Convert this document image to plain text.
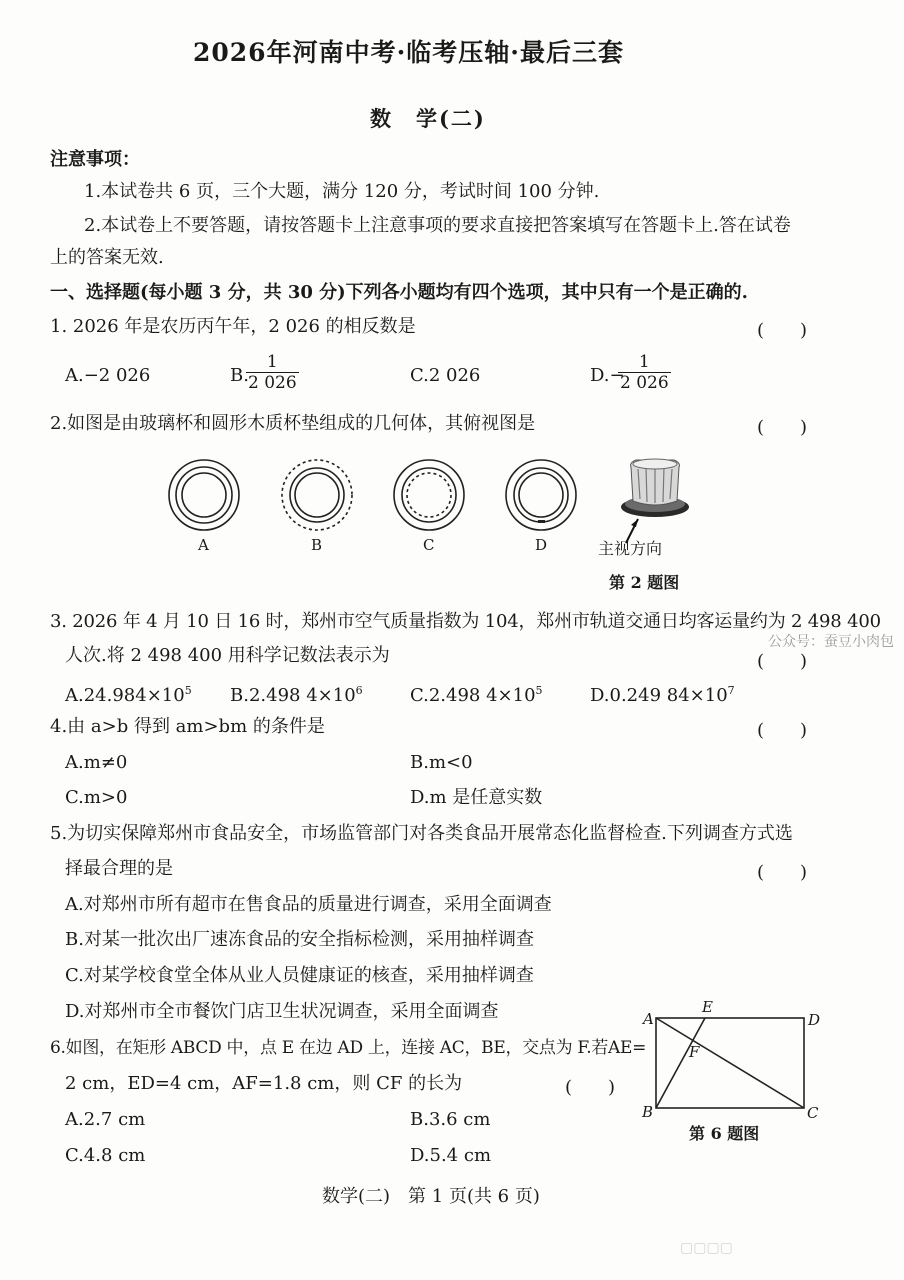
2026年河南中考·临考压轴·最后三套
数　学(二)
注意事项：
1.本试卷共 6 页，三个大题，满分 120 分，考试时间 100 分钟.
2.本试卷上不要答题，请按答题卡上注意事项的要求直接把答案填写在答题卡上.答在试卷
上的答案无效.
一、选择题(每小题 3 分，共 30 分)下列各小题均有四个选项，其中只有一个是正确的.
1. 2026 年是农历丙午年，2 026 的相反数是	(　　)
A.−2 026	B.
$\frac{1}{2 026}$	C.2 026	D.−
$\frac{1}{2 026}$
2.如图是由玻璃杯和圆形木质杯垫组成的几何体，其俯视图是	(　　)
A	B	C	D	主视方向
第 2 题图
3. 2026 年 4 月 10 日 16 时，郑州市空气质量指数为 104，郑州市轨道交通日均客运量约为 2 498 400
公众号：蚕豆小肉包
人次.将 2 498 400 用科学记数法表示为	(　　)
$A.24.984\times 10^5$ B.2.498 $4\times 10^6$	C.2.498 $4\times 10^5$	D.0.249 $84\times 10^7$
4.由 a>b 得到 am>bm 的条件是	(　　)
A.m≠0	B.m<0
C.m>0	D.m 是任意实数
5.为切实保障郑州市食品安全，市场监管部门对各类食品开展常态化监督检查.下列调查方式选
择最合理的是	(　　)
A.对郑州市所有超市在售食品的质量进行调查，采用全面调查
B.对某一批次出厂速冻食品的安全指标检测，采用抽样调查
C.对某学校食堂全体从业人员健康证的核查，采用抽样调查
D.对郑州市全市餐饮门店卫生状况调查，采用全面调查
6.如图，在矩形 ABCD 中，点 E 在边 AD 上，连接 AC，BE，交点为 F.若AE=
2 cm，ED=4 cm，AF=1.8 cm，则 CF 的长为	(　　)
A.2.7 cm	B.3.6 cm
C.4.8 cm	D.5.4 cm
A
E
D
F
B	C
第 6 题图
数学(二)　第 1 页(共 6 页)
▢▢▢▢
